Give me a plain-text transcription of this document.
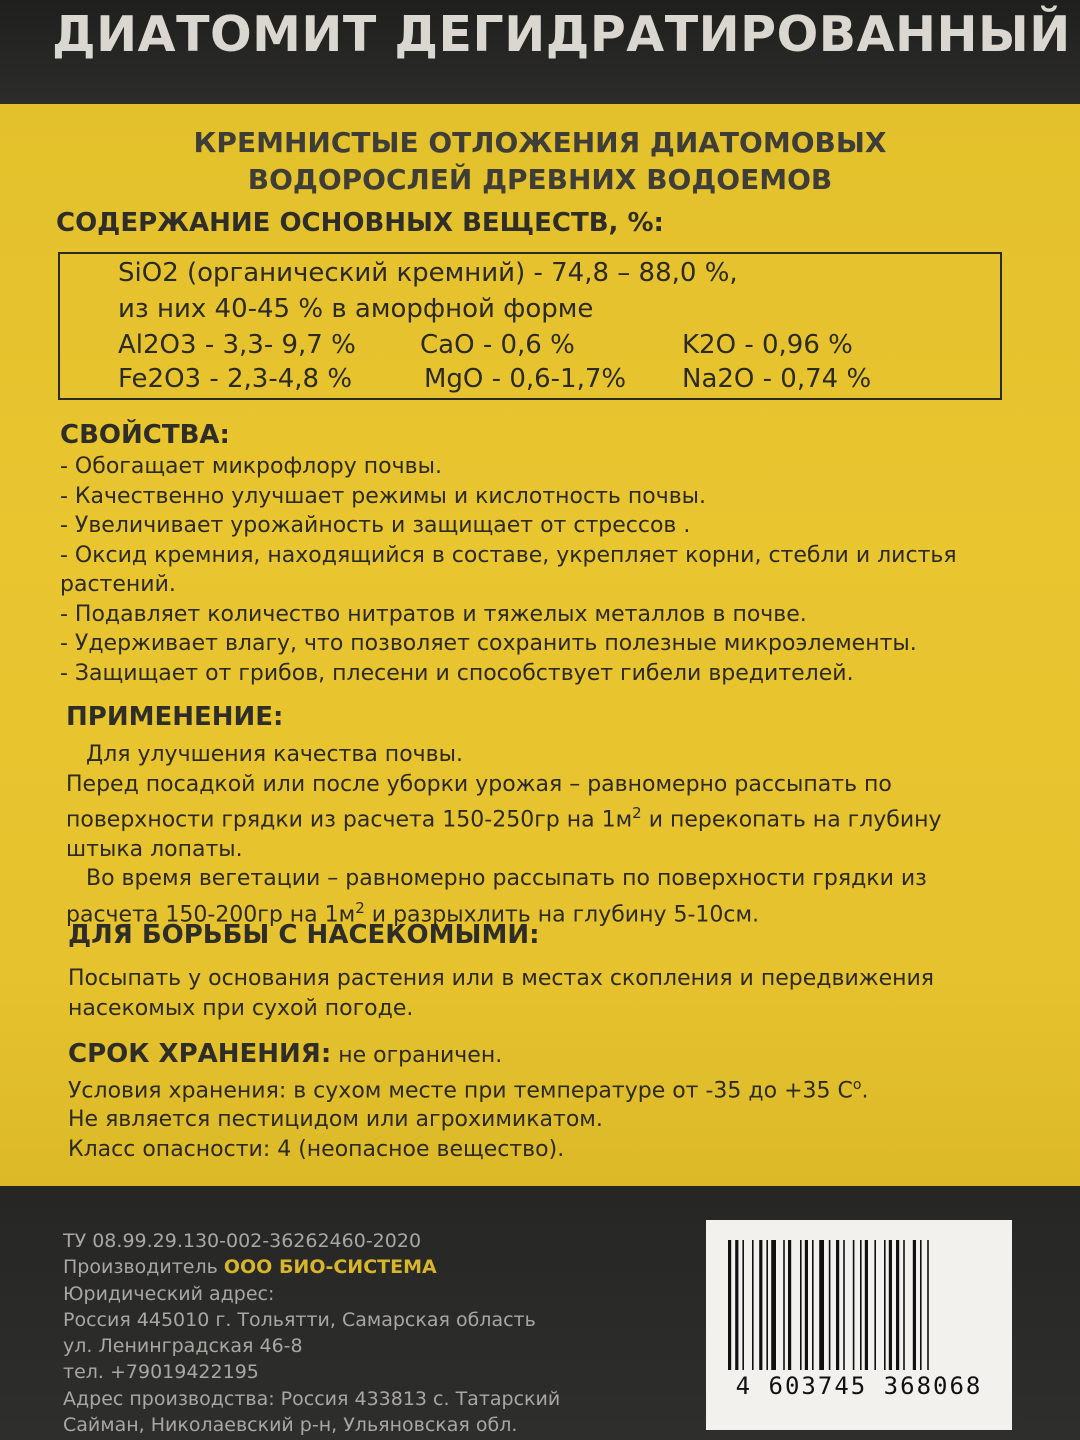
ДИАТОМИТ ДЕГИДРАТИРОВАННЫЙ
КРЕМНИСТЫЕ ОТЛОЖЕНИЯ ДИАТОМОВЫХ
ВОДОРОСЛЕЙ ДРЕВНИХ ВОДОЕМОВ
СОДЕРЖАНИЕ ОСНОВНЫХ ВЕЩЕСТВ, %:
SiO2 (органический кремний) - 74,8 – 88,0 %,
из них 40-45 % в аморфной форме
Al2O3 - 3,3- 9,7 % CaO - 0,6 %	K2O - 0,96 %
Fe2O3 - 2,3-4,8 %	MgO - 0,6-1,7% Na2O - 0,74 %
СВОЙСТВА:
- Обогащает микрофлору почвы.
- Качественно улучшает режимы и кислотность почвы.
- Увеличивает урожайность и защищает от стрессов .
- Оксид кремния, находящийся в составе, укрепляет корни, стебли и листья растений.
- Подавляет количество нитратов и тяжелых металлов в почве.
- Удерживает влагу, что позволяет сохранить полезные микроэлементы.
- Защищает от грибов, плесени и способствует гибели вредителей.
ПРИМЕНЕНИЕ:
Для улучшения качества почвы.
Перед посадкой или после уборки урожая – равномерно рассыпать по поверхности грядки из расчета 150-250гр на $1м^2$ и перекопать на глубину штыка лопаты.
Во время вегетации – равномерно рассыпать по поверхности грядки из расчета 150-200гр на $1м^2$ и разрыхлить на глубину 5-10см.
ДЛЯ БОРЬБЫ С НАСЕКОМЫМИ:
Посыпать у основания растения или в местах скопления и передвижения насекомых при сухой погоде.
СРОК ХРАНЕНИЯ: не ограничен.
Условия хранения: в сухом месте при температуре от -35 до +35 $С^o$.
Не является пестицидом или агрохимикатом.
Класс опасности: 4 (неопасное вещество).
ТУ 08.99.29.130-002-36262460-2020
Производитель ООО БИО-СИСТЕМА
Юридический адрес:
Россия 445010 г. Тольятти, Самарская область
ул. Ленинградская 46-8
тел. +79019422195
Адрес производства: Россия 433813 с. Татарский
Сайман, Николаевский р-н, Ульяновская обл.
4 603745 368068
